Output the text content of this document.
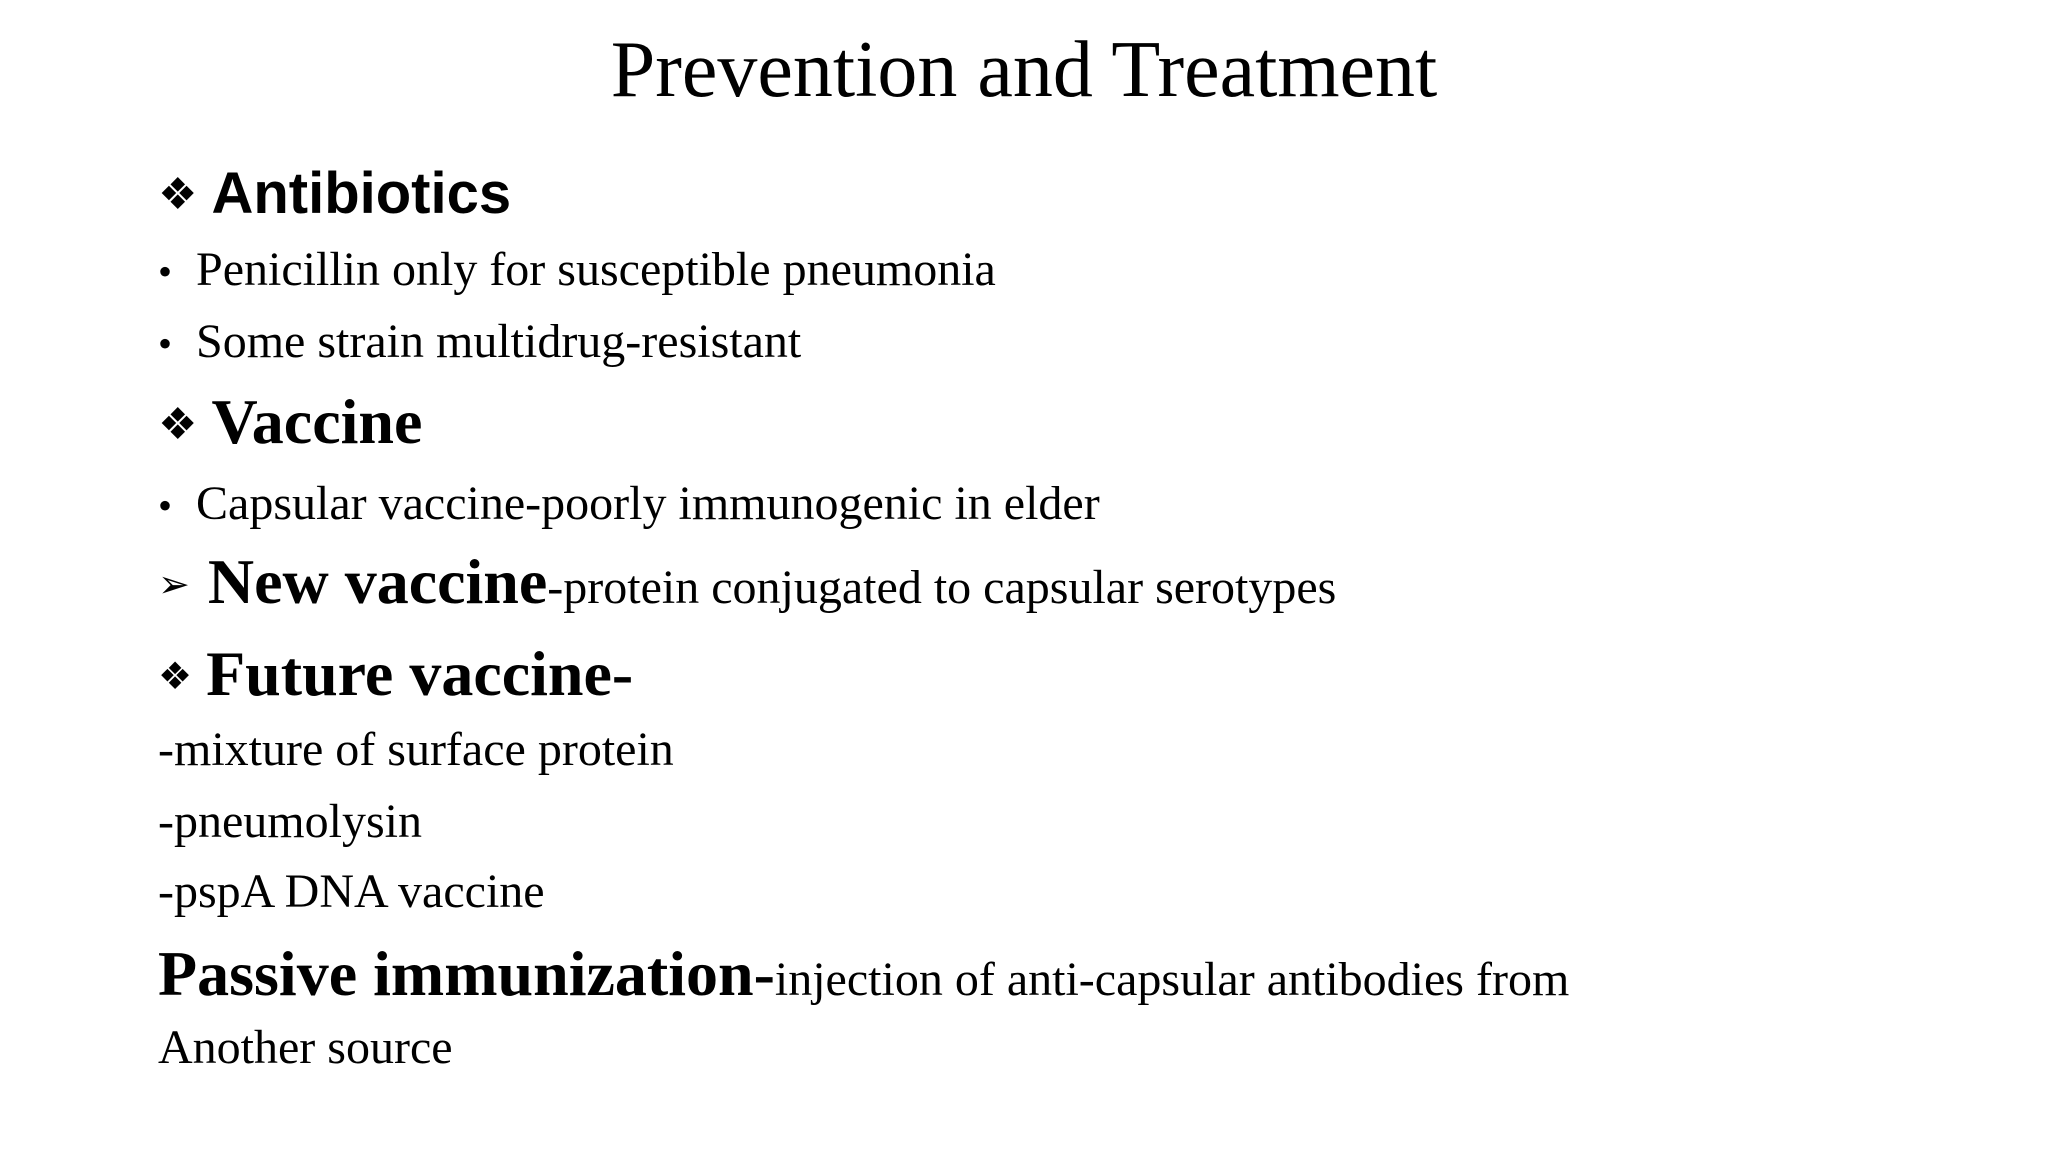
Prevention and Treatment
❖ Antibiotics
• Penicillin only for susceptible pneumonia
• Some strain multidrug-resistant
❖ Vaccine
• Capsular vaccine-poorly immunogenic in elder
➢ New vaccine-protein conjugated to capsular serotypes
❖ Future vaccine-
-mixture of surface protein
-pneumolysin
-pspA DNA vaccine
Passive immunization-injection of anti-capsular antibodies from
Another source
